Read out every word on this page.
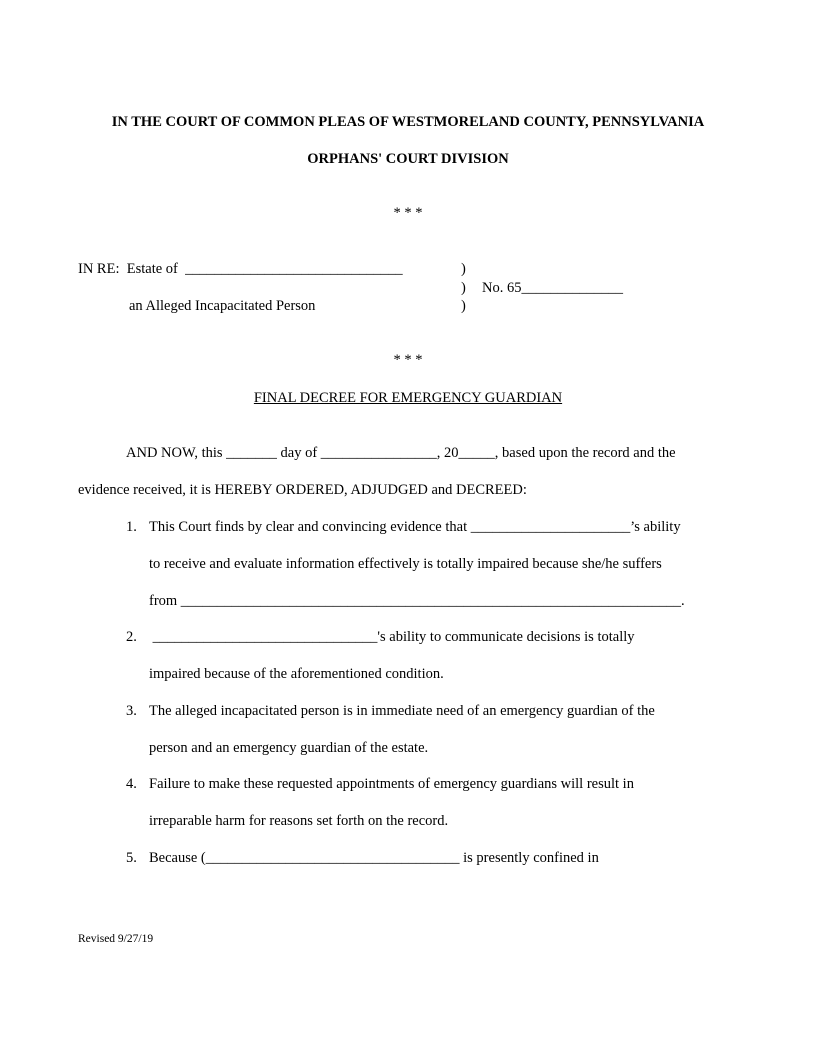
IN THE COURT OF COMMON PLEAS OF WESTMORELAND COUNTY, PENNSYLVANIA
ORPHANS' COURT DIVISION
* * *
IN RE:  Estate of  ______________________________
an Alleged Incapacitated Person
)
)
)
No. 65______________
* * *
FINAL DECREE FOR EMERGENCY GUARDIAN
AND NOW, this _______ day of ________________, 20_____, based upon the record and the
evidence received, it is HEREBY ORDERED, ADJUDGED and DECREED:
1. This Court finds by clear and convincing evidence that ______________________’s ability
to receive and evaluate information effectively is totally impaired because she/he suffers
from _____________________________________________________________________.
2. _______________________________'s ability to communicate decisions is totally
impaired because of the aforementioned condition.
3. The alleged incapacitated person is in immediate need of an emergency guardian of the
person and an emergency guardian of the estate.
4. Failure to make these requested appointments of emergency guardians will result in
irreparable harm for reasons set forth on the record.
5. Because (___________________________________ is presently confined in
Revised 9/27/19
